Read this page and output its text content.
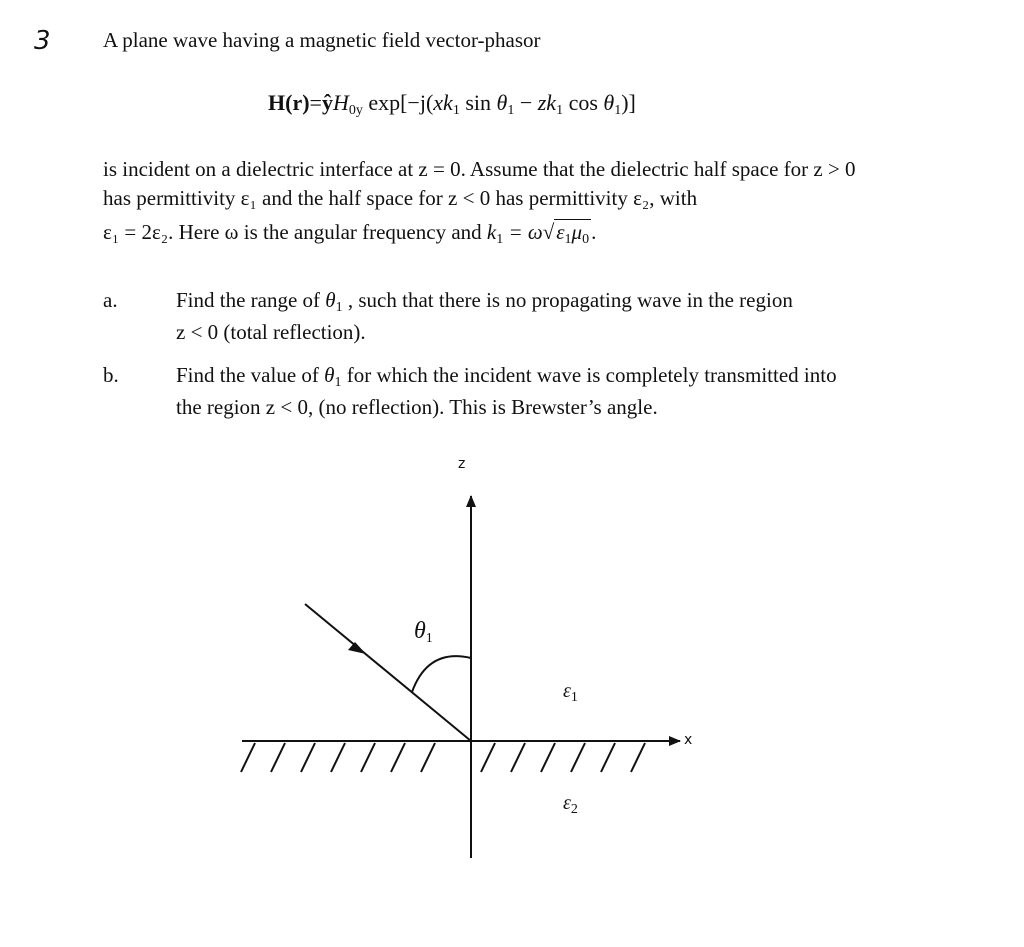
3 A plane wave having a magnetic field vector-phasor
$H(r)=ŷH_{0y}$ $\exp[-j(xk_1$ $\sin \theta_1 - zk_1$ $\cos \theta_1$)]
is incident on a dielectric interface at z = 0. Assume that the dielectric half space for z > 0
has permittivity ε₁ and the half space for z < 0 has permittivity ε₂, with
ε₁ = 2ε₂. Here ω is the angular frequency and $k_1 = \omega√\varepsilon_1\mu_0$.
a.	Find the range of $\theta_1$ , such that there is no propagating wave in the region
z < 0 (total reflection).
b.	Find the value of $\theta_1$ for which the incident wave is completely transmitted into
the region z < 0, (no reflection). This is Brewster’s angle.
z
x
$\theta_1$
$\varepsilon_1$
$\varepsilon_2$
